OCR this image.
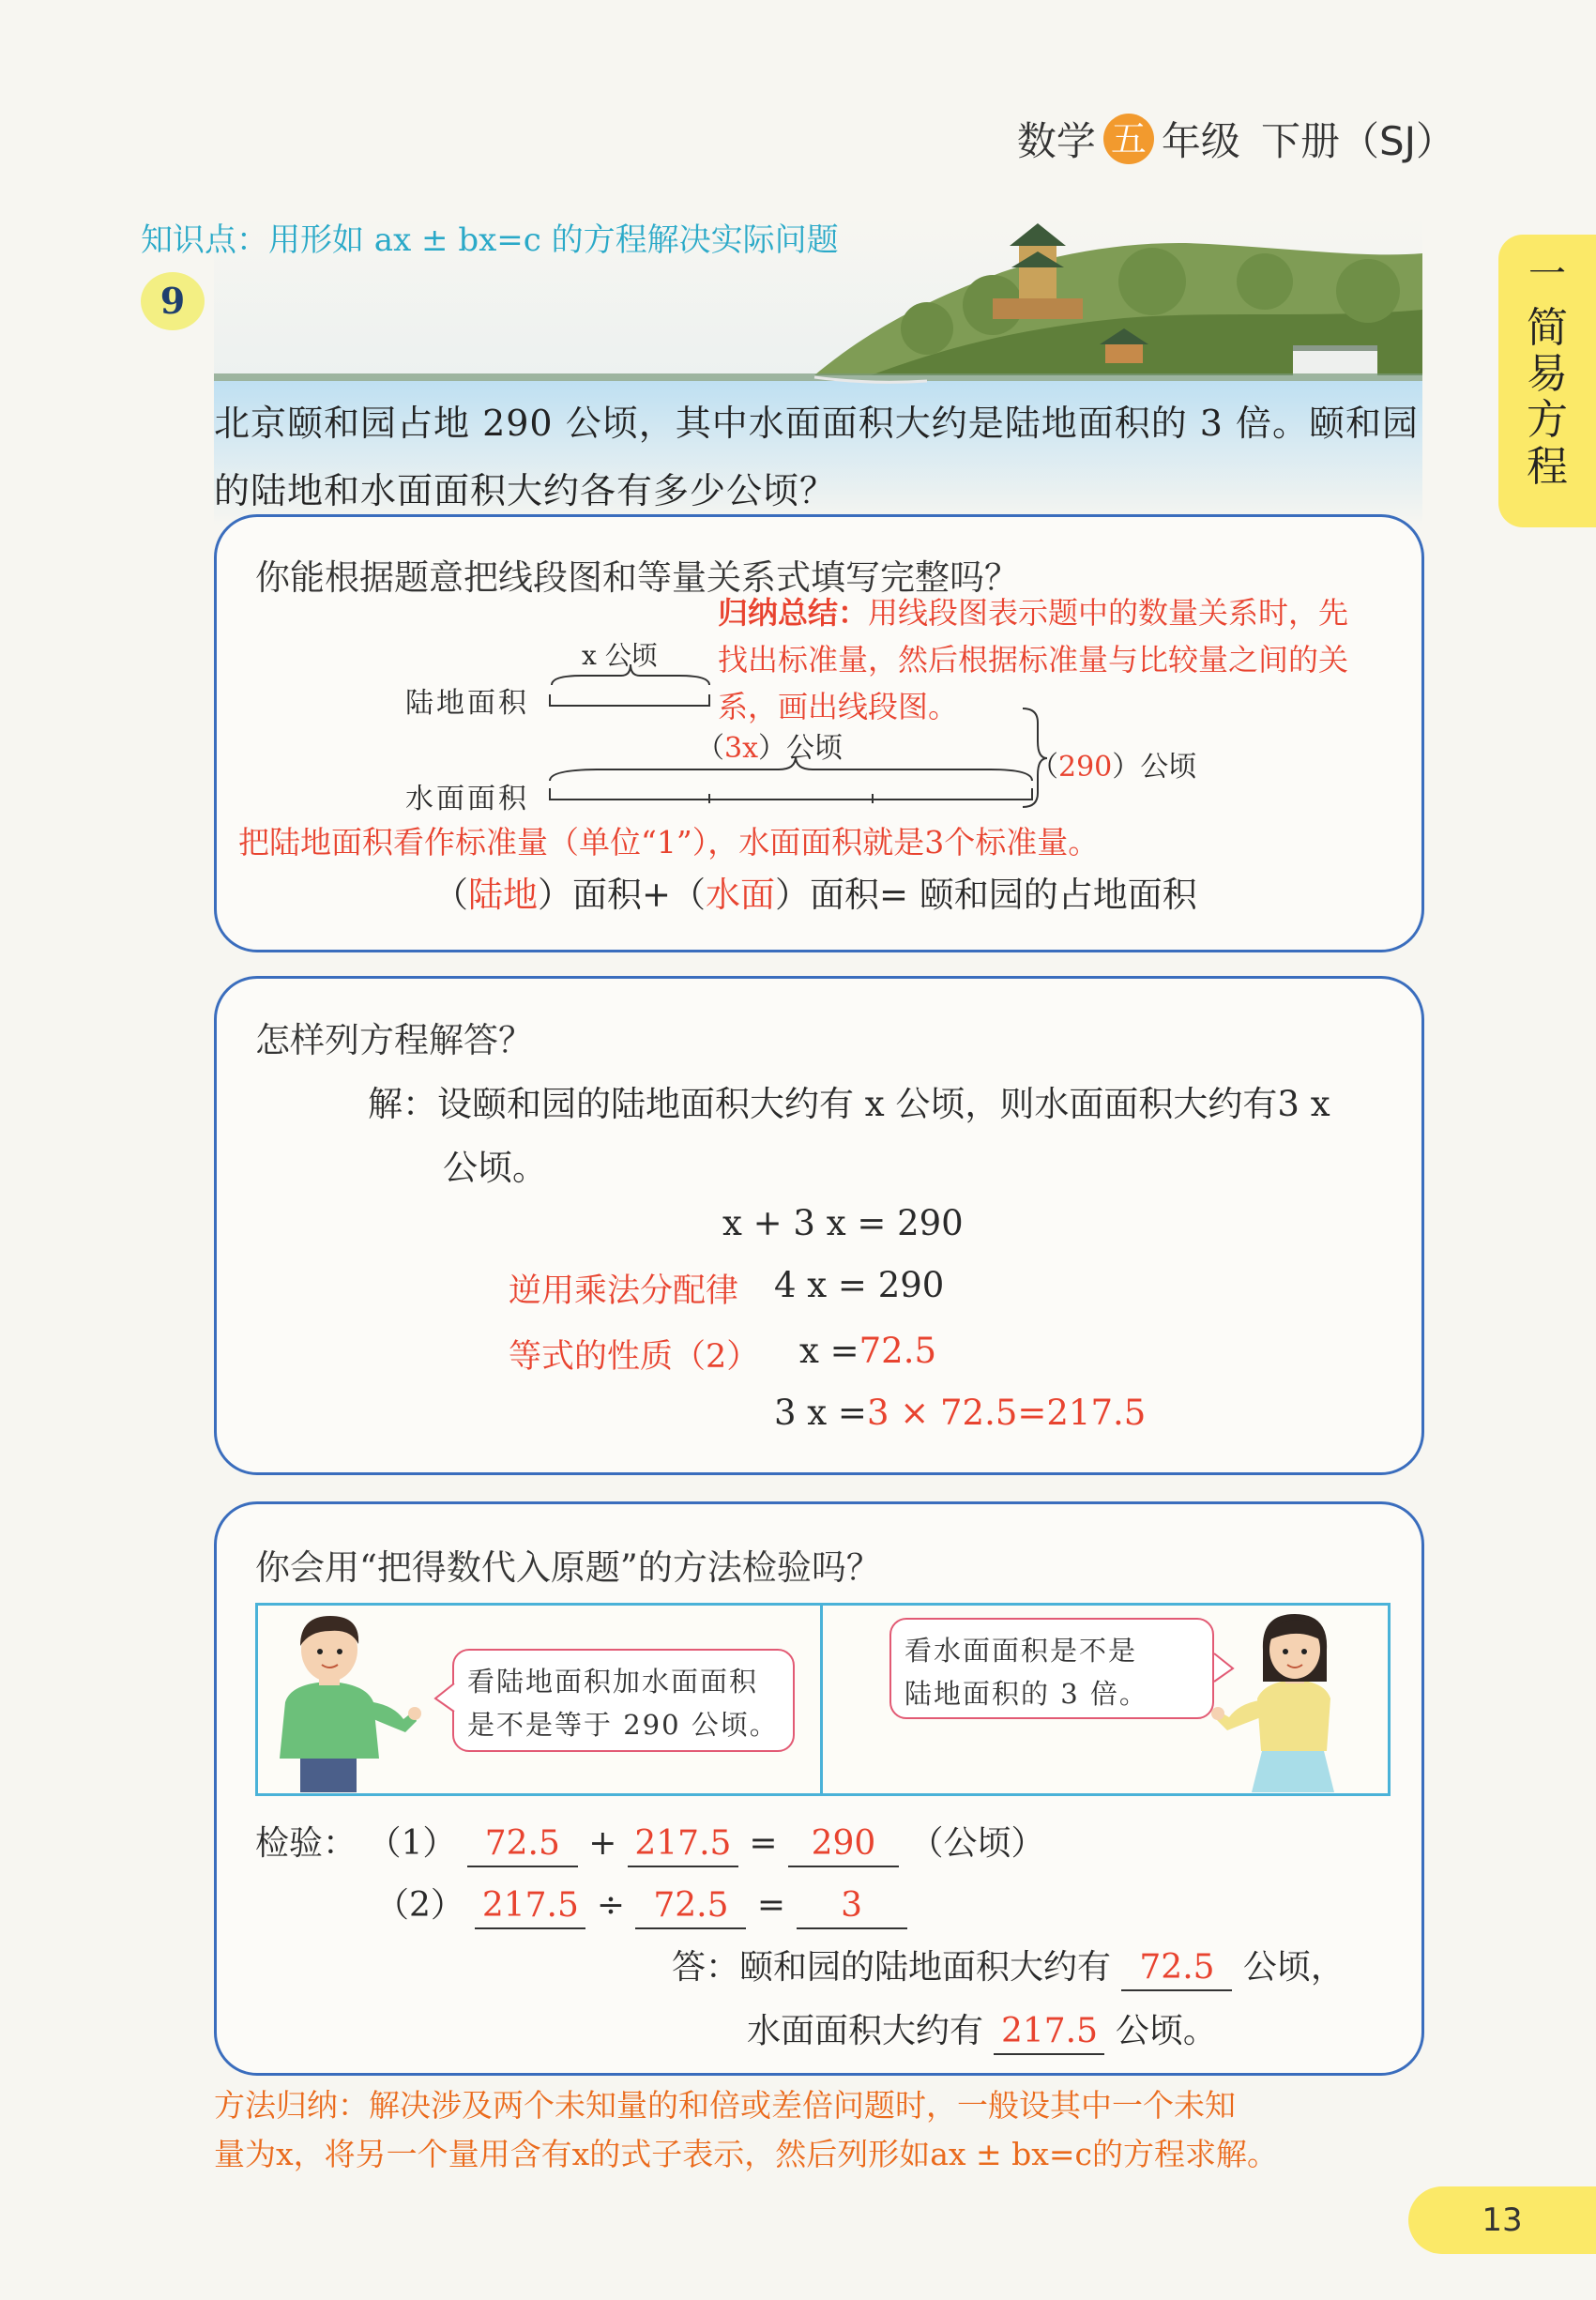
数学 五 年级 下册（SJ）
一
简
易
方
程
知识点：用形如 ax ± bx=c 的方程解决实际问题
9
北京颐和园占地 290 公顷，其中水面面积大约是陆地面积的 3 倍。颐和园的陆地和水面面积大约各有多少公顷？
你能根据题意把线段图和等量关系式填写完整吗？
归纳总结：用线段图表示题中的数量关系时，先
找出标准量，然后根据标准量与比较量之间的关
系，画出线段图。
陆地面积
x 公顷
水面面积
（3x）公顷
（290）公顷
把陆地面积看作标准量（单位“1”），水面面积就是3个标准量。
（陆地）面积+（水面）面积= 颐和园的占地面积
怎样列方程解答？
解：设颐和园的陆地面积大约有 x 公顷，则水面面积大约有3 x
公顷。
x + 3 x = 290
逆用乘法分配律 4 x = 290
等式的性质（2） x =72.5
3 x =3 × 72.5=217.5
你会用“把得数代入原题”的方法检验吗？
看陆地面积加水面面积
是不是等于 290 公顷。
看水面面积是不是
陆地面积的 3 倍。
检验： （1） 72.5 + 217.5 = 290 （公顷）
（2） 217.5 ÷ 72.5 = 3
答：颐和园的陆地面积大约有 72.5 公顷，
水面面积大约有 217.5 公顷。
方法归纳：解决涉及两个未知量的和倍或差倍问题时，一般设其中一个未知
量为x，将另一个量用含有x的式子表示，然后列形如ax ± bx=c的方程求解。
13
